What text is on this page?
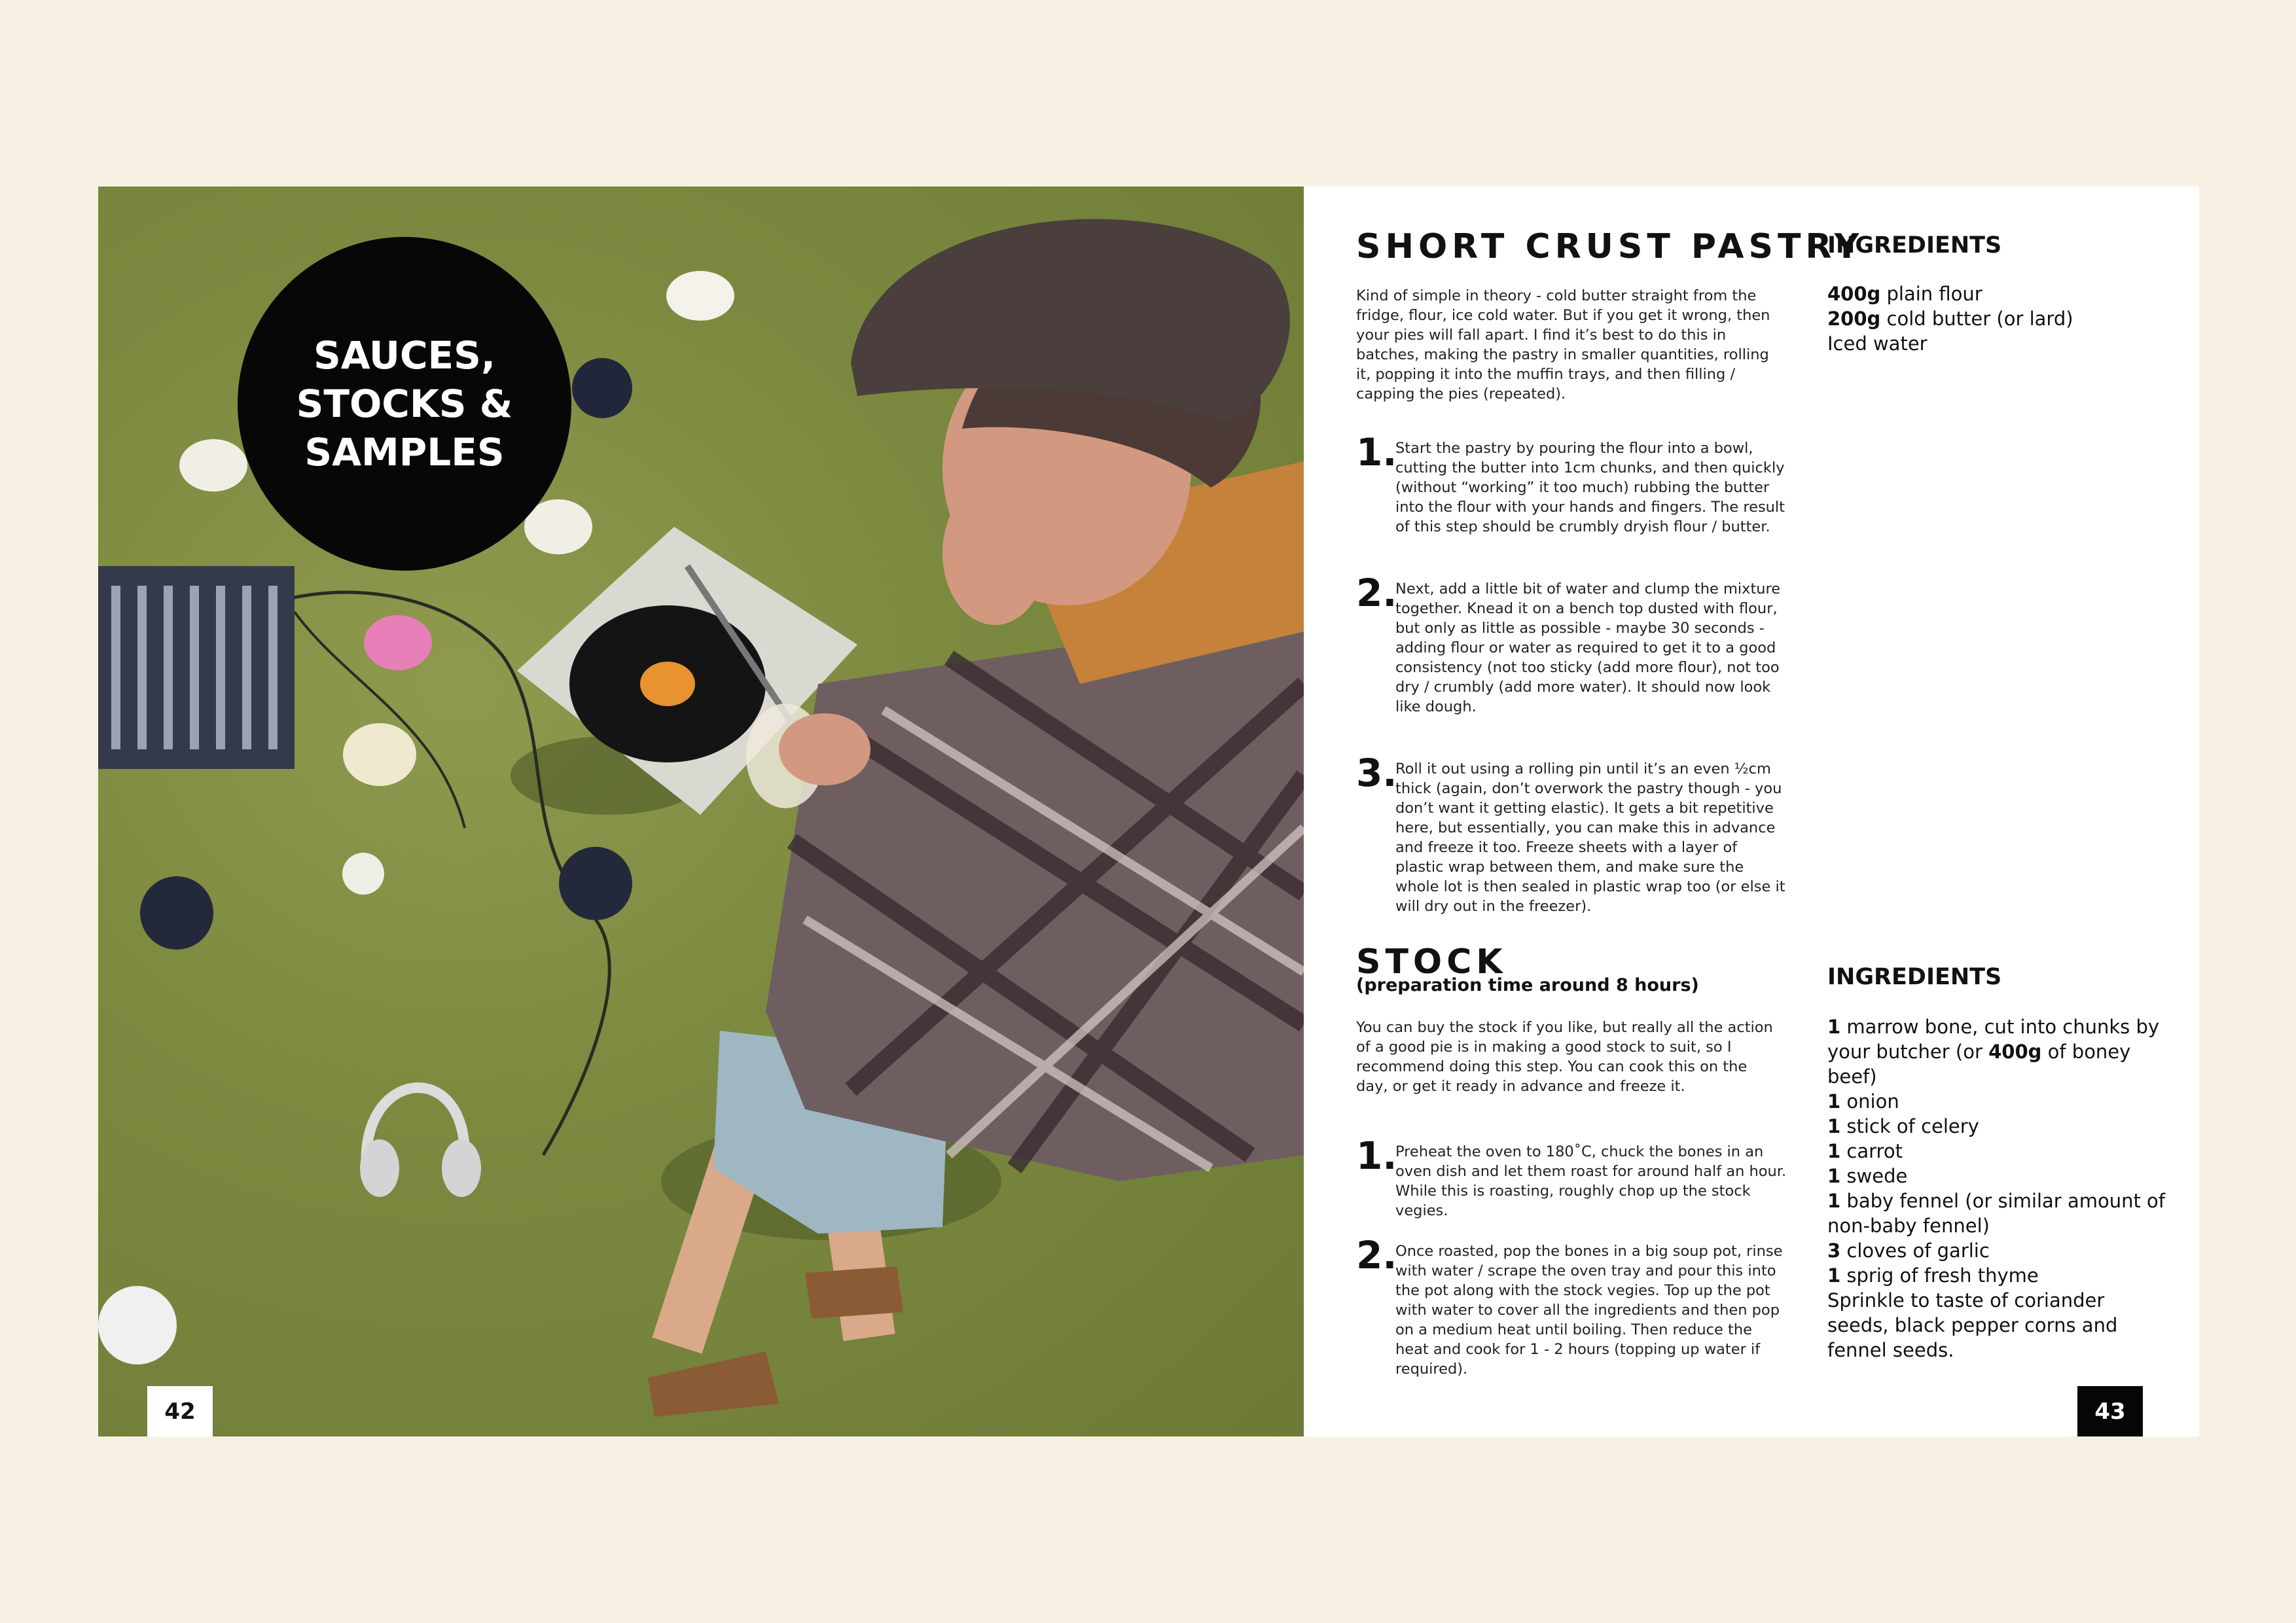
SAUCES, STOCKS & SAMPLES
42
SHORT CRUST PASTRY
Kind of simple in theory - cold butter straight from the fridge, flour, ice cold water. But if you get it wrong, then your pies will fall apart. I find it’s best to do this in batches, making the pastry in smaller quantities, rolling it, popping it into the muffin trays, and then filling / capping the pies (repeated).
1.
Start the pastry by pouring the flour into a bowl, cutting the butter into 1cm chunks, and then quickly (without “working” it too much) rubbing the butter into the flour with your hands and fingers. The result of this step should be crumbly dryish flour / butter.
2.
Next, add a little bit of water and clump the mixture together. Knead it on a bench top dusted with flour, but only as little as possible - maybe 30 seconds - adding flour or water as required to get it to a good consistency (not too sticky (add more flour), not too dry / crumbly (add more water). It should now look like dough.
3.
Roll it out using a rolling pin until it’s an even ½cm thick (again, don’t overwork the pastry though - you don’t want it getting elastic). It gets a bit repetitive here, but essentially, you can make this in advance and freeze it too. Freeze sheets with a layer of plastic wrap between them, and make sure the whole lot is then sealed in plastic wrap too (or else it will dry out in the freezer).
INGREDIENTS
400g plain flour
200g cold butter (or lard)
Iced water
STOCK
(preparation time around 8 hours)
You can buy the stock if you like, but really all the action of a good pie is in making a good stock to suit, so I recommend doing this step. You can cook this on the day, or get it ready in advance and freeze it.
1.
Preheat the oven to 180˚C, chuck the bones in an oven dish and let them roast for around half an hour. While this is roasting, roughly chop up the stock vegies.
2.
Once roasted, pop the bones in a big soup pot, rinse with water / scrape the oven tray and pour this into the pot along with the stock vegies. Top up the pot with water to cover all the ingredients and then pop on a medium heat until boiling. Then reduce the heat and cook for 1 - 2 hours (topping up water if required).
INGREDIENTS
1 marrow bone, cut into chunks by your butcher (or 400g of boney beef)
1 onion
1 stick of celery
1 carrot
1 swede
1 baby fennel (or similar amount of non-baby fennel)
3 cloves of garlic
1 sprig of fresh thyme
Sprinkle to taste of coriander seeds, black pepper corns and fennel seeds.
43
